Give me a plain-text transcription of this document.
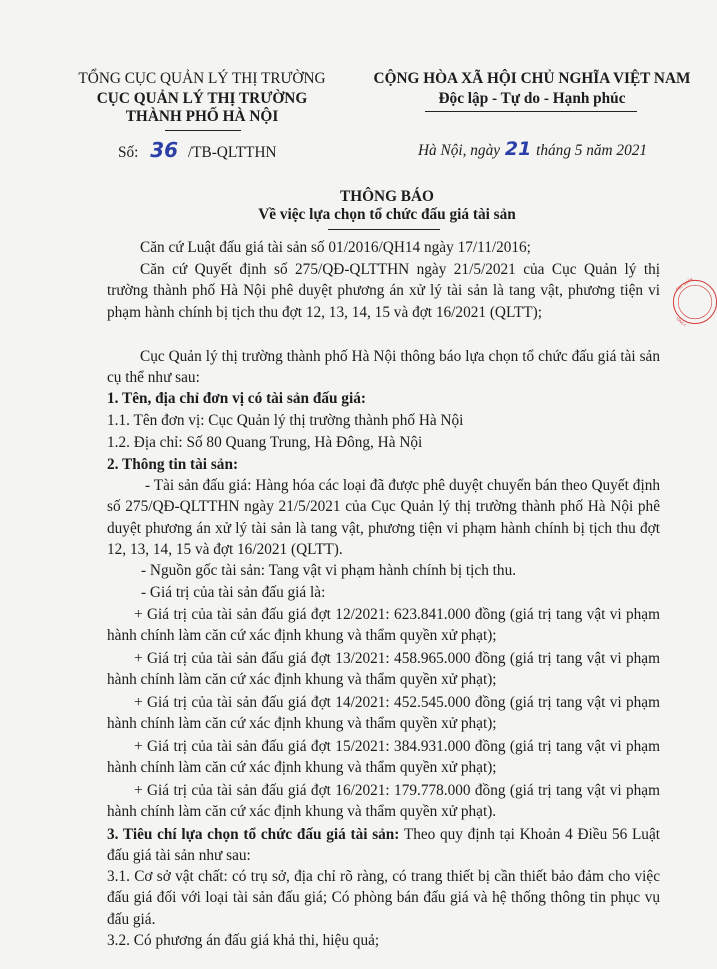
TỔNG CỤC QUẢN LÝ THỊ TRƯỜNG
CỤC QUẢN LÝ THỊ TRƯỜNG
THÀNH PHỐ HÀ NỘI
CỘNG HÒA XÃ HỘI CHỦ NGHĨA VIỆT NAM
Độc lập - Tự do - Hạnh phúc
Số: 36 /TB-QLTTHN	Hà Nội, ngày 21 tháng 5 năm 2021
THÔNG BÁO
Về việc lựa chọn tổ chức đấu giá tài sản
Căn cứ Luật đấu giá tài sản số 01/2016/QH14 ngày 17/11/2016;
Căn cứ Quyết định số 275/QĐ-QLTTHN ngày 21/5/2021 của Cục Quản lý thị trường thành phố Hà Nội phê duyệt phương án xử lý tài sản là tang vật, phương tiện vi phạm hành chính bị tịch thu đợt 12, 13, 14, 15 và đợt 16/2021 (QLTT);
Cục Quản lý thị trường thành phố Hà Nội thông báo lựa chọn tổ chức đấu giá tài sản cụ thể như sau:
1. Tên, địa chỉ đơn vị có tài sản đấu giá:
1.1. Tên đơn vị: Cục Quản lý thị trường thành phố Hà Nội
1.2. Địa chỉ: Số 80 Quang Trung, Hà Đông, Hà Nội
2. Thông tin tài sản:
- Tài sản đấu giá: Hàng hóa các loại đã được phê duyệt chuyển bán theo Quyết định số 275/QĐ-QLTTHN ngày 21/5/2021 của Cục Quản lý thị trường thành phố Hà Nội phê duyệt phương án xử lý tài sản là tang vật, phương tiện vi phạm hành chính bị tịch thu đợt 12, 13, 14, 15 và đợt 16/2021 (QLTT).
- Nguồn gốc tài sản: Tang vật vi phạm hành chính bị tịch thu.
- Giá trị của tài sản đấu giá là:
+ Giá trị của tài sản đấu giá đợt 12/2021: 623.841.000 đồng (giá trị tang vật vi phạm hành chính làm căn cứ xác định khung và thẩm quyền xử phạt);
+ Giá trị của tài sản đấu giá đợt 13/2021: 458.965.000 đồng (giá trị tang vật vi phạm hành chính làm căn cứ xác định khung và thẩm quyền xử phạt);
+ Giá trị của tài sản đấu giá đợt 14/2021: 452.545.000 đồng (giá trị tang vật vi phạm hành chính làm căn cứ xác định khung và thẩm quyền xử phạt);
+ Giá trị của tài sản đấu giá đợt 15/2021: 384.931.000 đồng (giá trị tang vật vi phạm hành chính làm căn cứ xác định khung và thẩm quyền xử phạt);
+ Giá trị của tài sản đấu giá đợt 16/2021: 179.778.000 đồng (giá trị tang vật vi phạm hành chính làm căn cứ xác định khung và thẩm quyền xử phạt).
3. Tiêu chí lựa chọn tổ chức đấu giá tài sản: Theo quy định tại Khoản 4 Điều 56 Luật đấu giá tài sản như sau:
3.1. Cơ sở vật chất: có trụ sở, địa chỉ rõ ràng, có trang thiết bị cần thiết bảo đảm cho việc đấu giá đối với loại tài sản đấu giá; Có phòng bán đấu giá và hệ thống thông tin phục vụ đấu giá.
3.2. Có phương án đấu giá khả thi, hiệu quả;
CỤC QUẢN
TỔNG C
